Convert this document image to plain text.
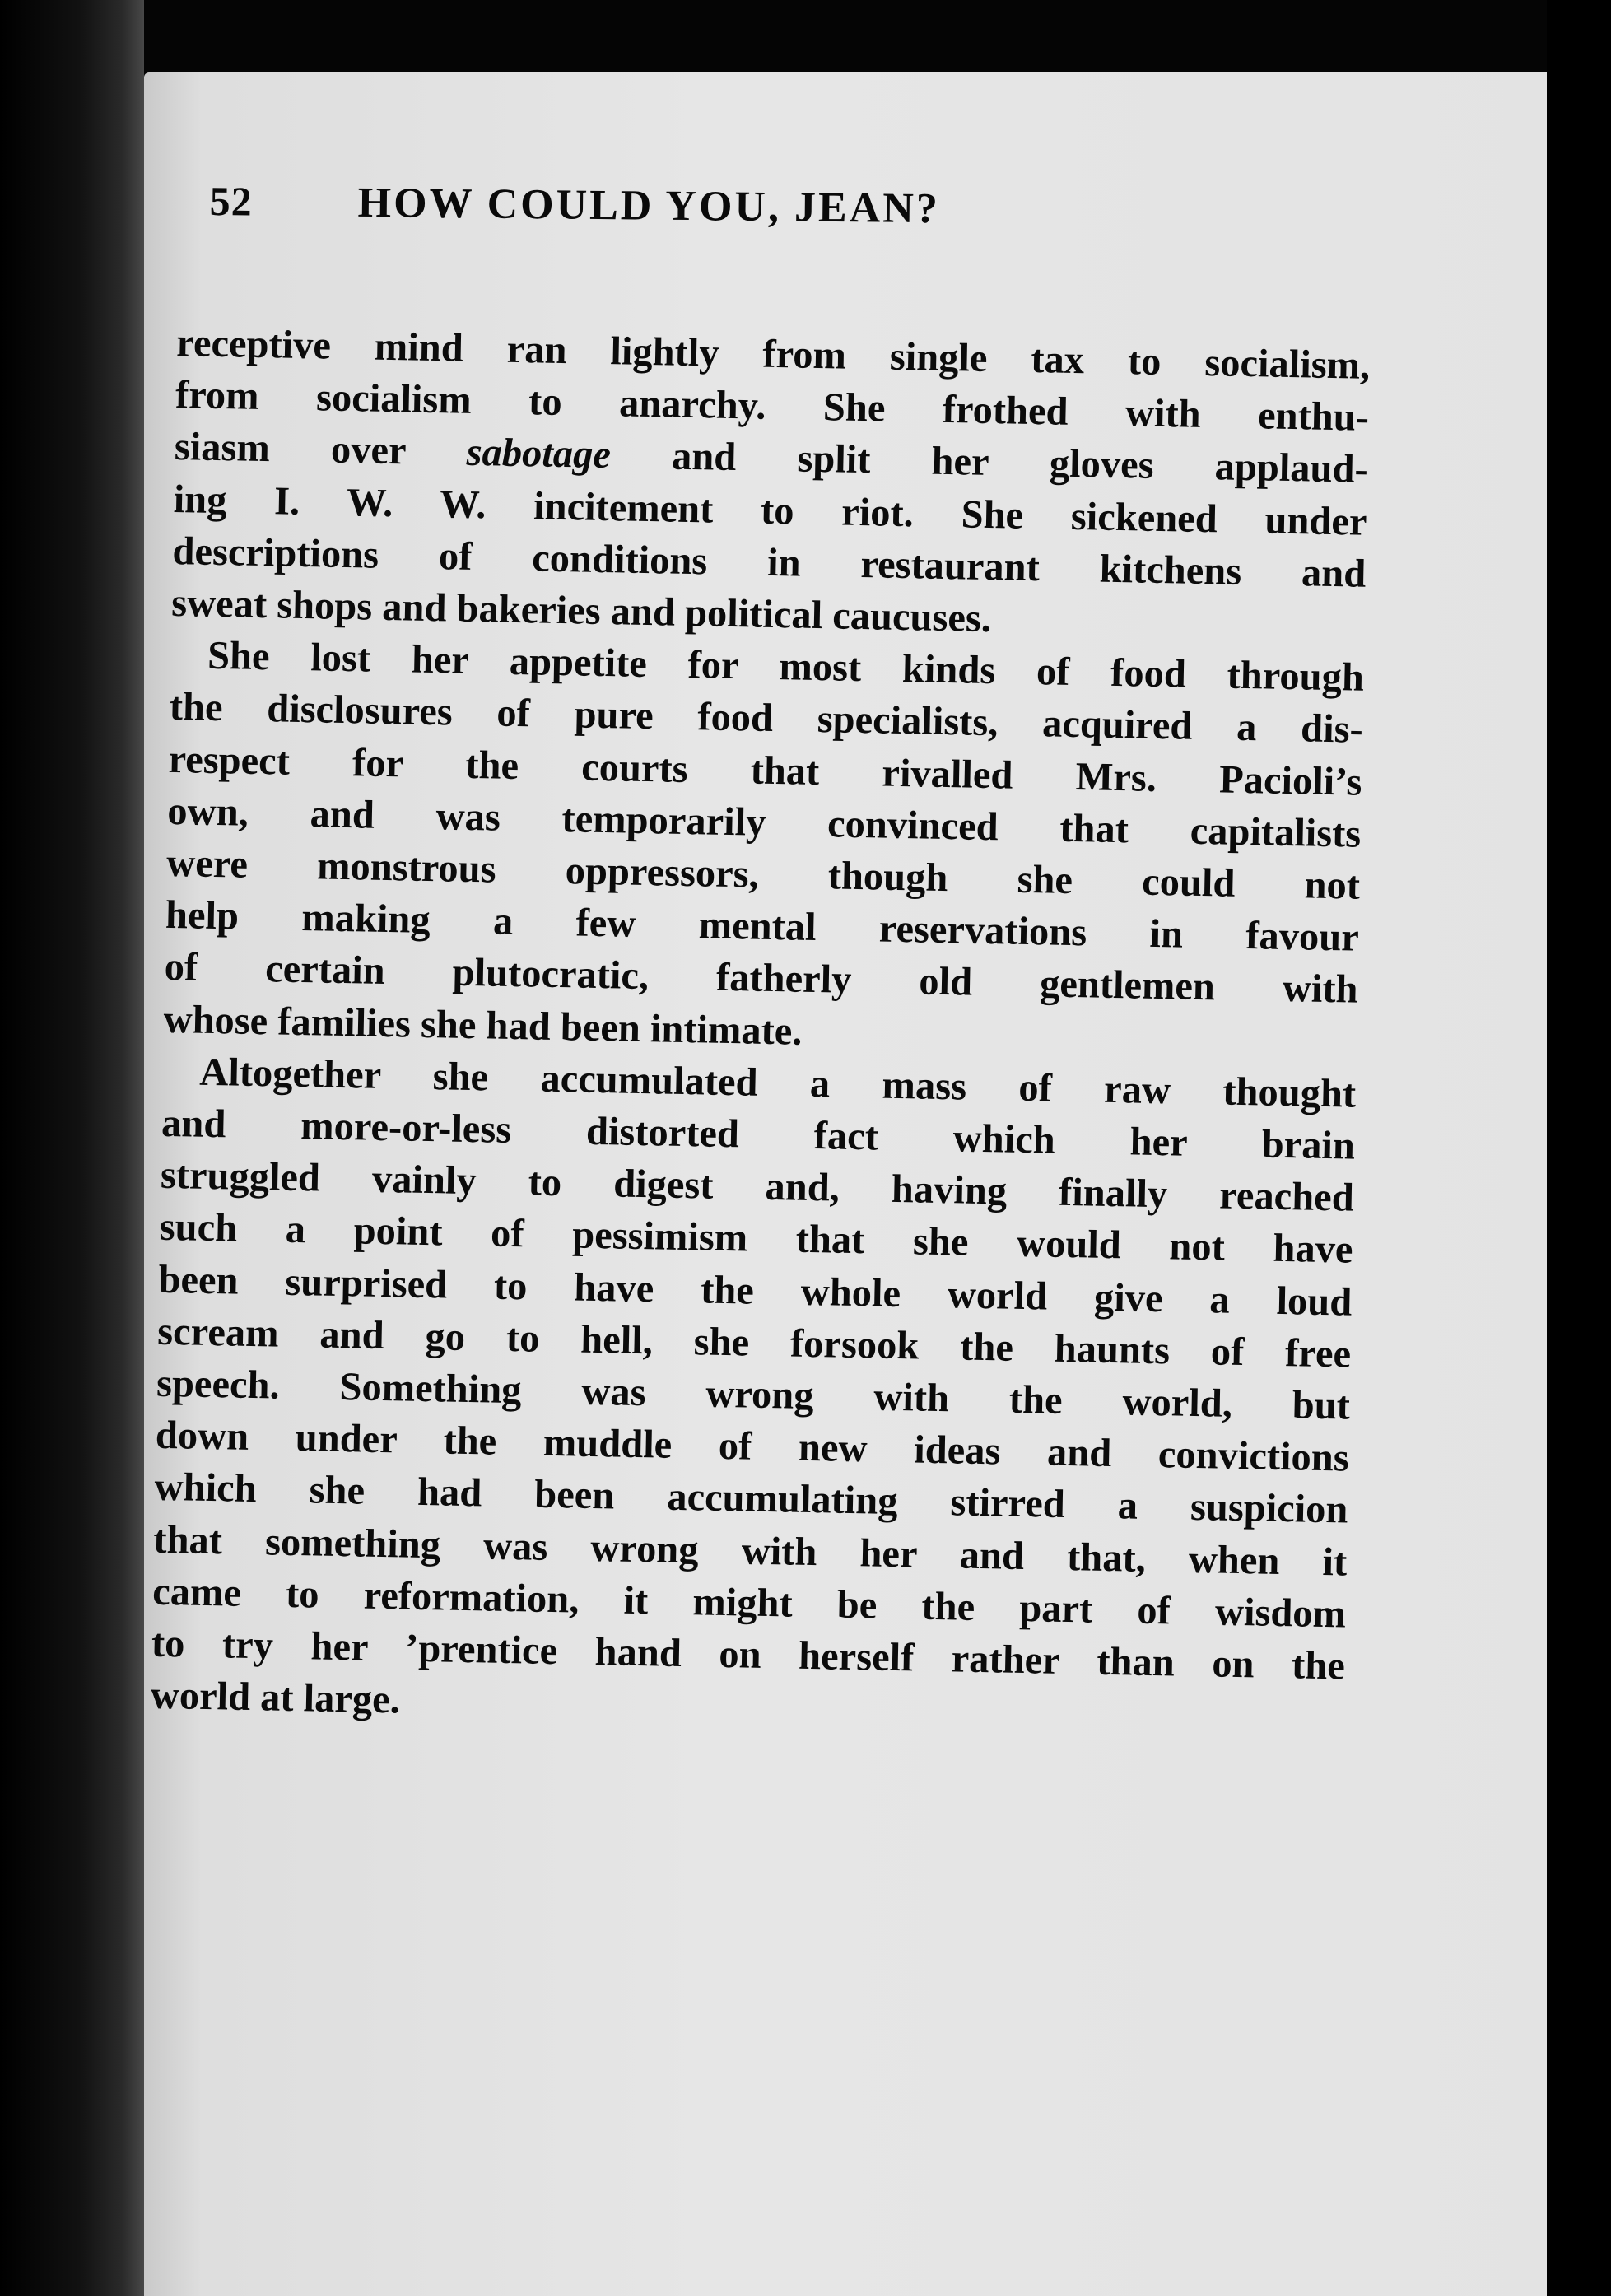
52 HOW COULD YOU, JEAN?

receptive mind ran lightly from single tax to socialism,
from socialism to anarchy. She frothed with enthu-
siasm over sabotage and split her gloves applaud-
ing I. W. W. incitement to riot. She sickened under
descriptions of conditions in restaurant kitchens and
sweat shops and bakeries and political caucuses.

She lost her appetite for most kinds of food through
the disclosures of pure food specialists, acquired a dis-
respect for the courts that rivalled Mrs. Pacioli’s
own, and was temporarily convinced that capitalists
were monstrous oppressors, though she could not
help making a few mental reservations in favour
of certain plutocratic, fatherly old gentlemen with
whose families she had been intimate.

Altogether she accumulated a mass of raw thought
and more-or-less distorted fact which her brain
struggled vainly to digest and, having finally reached
such a point of pessimism that she would not have
been surprised to have the whole world give a loud
scream and go to hell, she forsook the haunts of free
speech. Something was wrong with the world, but
down under the muddle of new ideas and convictions
which she had been accumulating stirred a suspicion
that something was wrong with her and that, when it
came to reformation, it might be the part of wisdom
to try her ’prentice hand on herself rather than on the
world at large.
